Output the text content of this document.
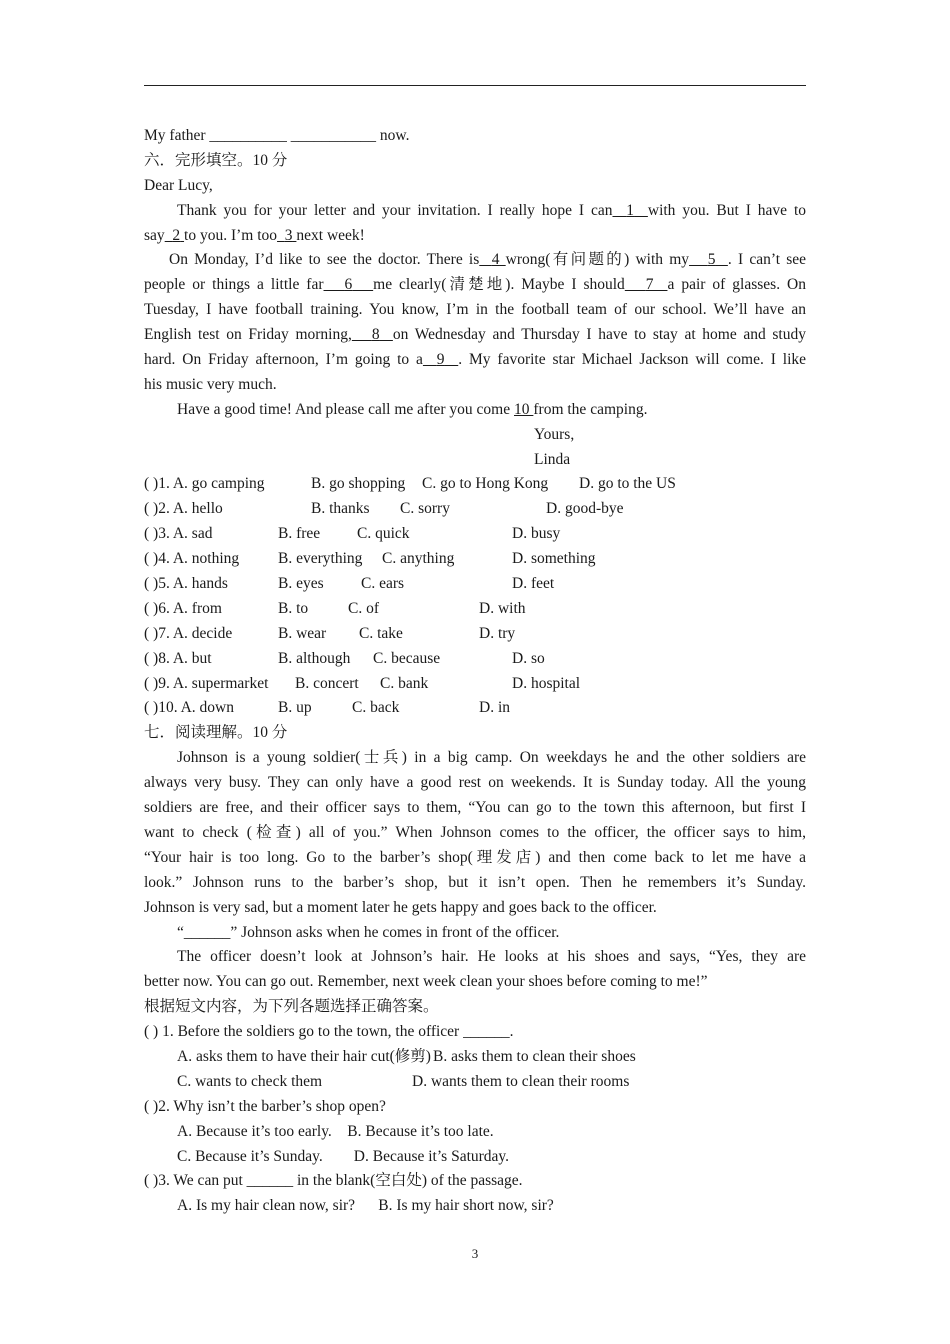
My father __________ ___________ now.
六．完形填空。10 分
Dear Lucy,
Thank you for your letter and your invitation. I really hope I can 1 with you. But I have to
say 2 to you. I’m too 3 next week!
On Monday, I’d like to see the doctor. There is 4 wrong(有问题的) with my 5 . I can’t see
people or things a little far 6 me clearly(清楚地). Maybe I should 7 a pair of glasses. On
Tuesday, I have football training. You know, I’m in the football team of our school. We’ll have an
English test on Friday morning, 8 on Wednesday and Thursday I have to stay at home and study
hard. On Friday afternoon, I’m going to a 9 . My favorite star Michael Jackson will come. I like
his music very much.
Have a good time! And please call me after you come 10 from the camping.
Yours,
Linda
( )1. A. go camping	B. go shopping C. go to Hong Kong D. go to the US
( )2. A. hello	B. thanks C. sorry	D. good-bye
( )3. A. sad	B. free C. quick	D. busy
( )4. A. nothing	B. everything C. anything	D. something
( )5. A. hands	B. eyes C. ears	D. feet
( )6. A. from	B. to	C. of	D. with
( )7. A. decide	B. wear C. take	D. try
( )8. A. but	B. although C. because	D. so
( )9. A. supermarket B. concert C. bank	D. hospital
( )10. A. down	B. up	C. back	D. in
七．阅读理解。10 分
Johnson is a young soldier(士兵) in a big camp. On weekdays he and the other soldiers are
always very busy. They can only have a good rest on weekends. It is Sunday today. All the young
soldiers are free, and their officer says to them, “You can go to the town this afternoon, but first I
want to check (检查) all of you.” When Johnson comes to the officer, the officer says to him,
“Your hair is too long. Go to the barber’s shop(理发店) and then come back to let me have a
look.” Johnson runs to the barber’s shop, but it isn’t open. Then he remembers it’s Sunday.
Johnson is very sad, but a moment later he gets happy and goes back to the officer.
“______” Johnson asks when he comes in front of the officer.
The officer doesn’t look at Johnson’s hair. He looks at his shoes and says, “Yes, they are
better now. You can go out. Remember, next week clean your shoes before coming to me!”
根据短文内容，为下列各题选择正确答案。
( ) 1. Before the soldiers go to the town, the officer ______.
A. asks them to have their hair cut(修剪) B. asks them to clean their shoes
C. wants to check them	D. wants them to clean their rooms
( )2. Why isn’t the barber’s shop open?
A. Because it’s too early.    B. Because it’s too late.
C. Because it’s Sunday.        D. Because it’s Saturday.
( )3. We can put ______ in the blank(空白处) of the passage.
A. Is my hair clean now, sir?      B. Is my hair short now, sir?
3
